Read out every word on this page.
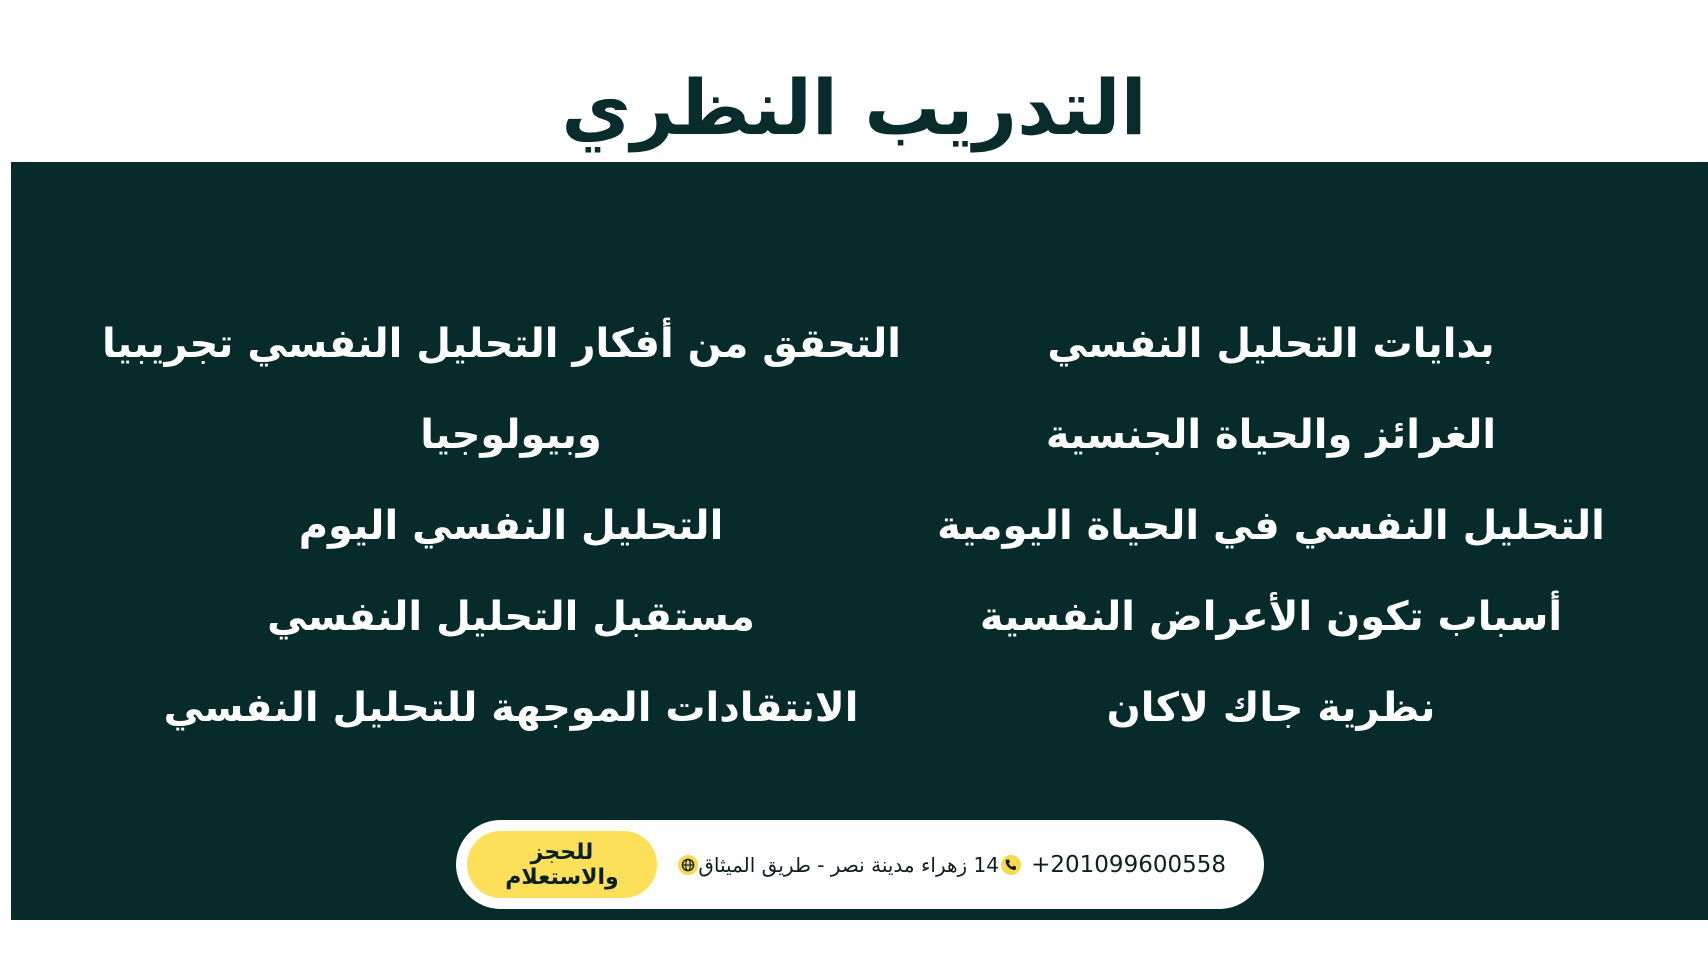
التدريب النظري
بدايات التحليل النفسي
الغرائز والحياة الجنسية
التحليل النفسي في الحياة اليومية
أسباب تكون الأعراض النفسية
نظرية جاك لاكان
التحقق من أفكار التحليل النفسي تجريبيا
وبيولوجيا
التحليل النفسي اليوم
مستقبل التحليل النفسي
الانتقادات الموجهة للتحليل النفسي
+201099600558
14 زهراء مدينة نصر - طريق الميثاق
للحجز والاستعلام
